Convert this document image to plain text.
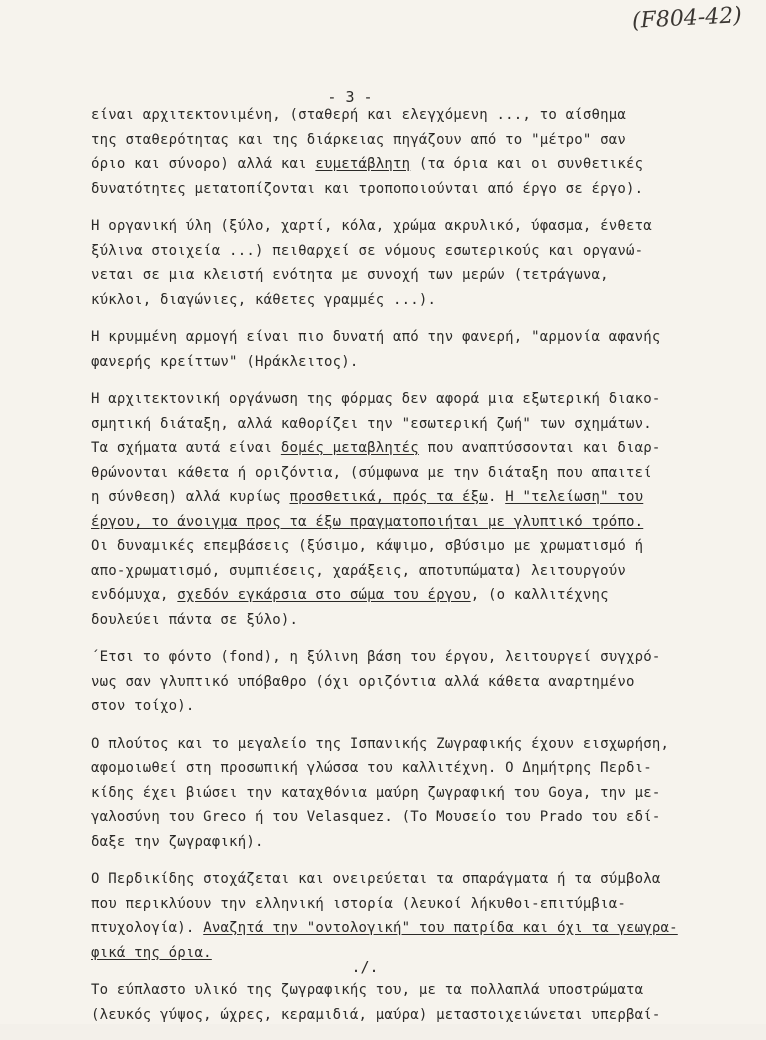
(F804-42)
- 3 -
είναι αρχιτεκτονιμένη, (σταθερή και ελεγχόμενη ..., το αίσθημα
της σταθερότητας και της διάρκειας πηγάζουν από το "μέτρο" σαν
όριο και σύνορο) αλλά και ευμετάβλητη (τα όρια και οι συνθετικές
δυνατότητες μετατοπίζονται και τροποποιούνται από έργο σε έργο).
Η οργανική ύλη (ξύλο, χαρτί, κόλα, χρώμα ακρυλικό, ύφασμα, ένθετα
ξύλινα στοιχεία ...) πειθαρχεί σε νόμους εσωτερικούς και οργανώ-
νεται σε μια κλειστή ενότητα με συνοχή των μερών (τετράγωνα,
κύκλοι, διαγώνιες, κάθετες γραμμές ...).
Η κρυμμένη αρμογή είναι πιο δυνατή από την φανερή, "αρμονία αφανής
φανερής κρείττων" (Ηράκλειτος).
Η αρχιτεκτονική οργάνωση της φόρμας δεν αφορά μια εξωτερική διακο-
σμητική διάταξη, αλλά καθορίζει την "εσωτερική ζωή" των σχημάτων.
Τα σχήματα αυτά είναι δομές μεταβλητές που αναπτύσσονται και διαρ-
θρώνονται κάθετα ή οριζόντια, (σύμφωνα με την διάταξη που απαιτεί
η σύνθεση) αλλά κυρίως προσθετικά, πρός τα έξω. Η "τελείωση" του
έργου, το άνοιγμα προς τα έξω πραγματοποιήται με γλυπτικό τρόπο.
Οι δυναμικές επεμβάσεις (ξύσιμο, κάψιμο, σβύσιμο με χρωματισμό ή
απο-χρωματισμό, συμπιέσεις, χαράξεις, αποτυπώματα) λειτουργούν
ενδόμυχα, σχεδόν εγκάρσια στο σώμα του έργου, (ο καλλιτέχνης
δουλεύει πάντα σε ξύλο).
΄Ετσι το φόντο (fond), η ξύλινη βάση του έργου, λειτουργεί συγχρό-
νως σαν γλυπτικό υπόβαθρο (όχι οριζόντια αλλά κάθετα αναρτημένο
στον τοίχο).
Ο πλούτος και το μεγαλείο της Ισπανικής Ζωγραφικής έχουν εισχωρήση,
αφομοιωθεί στη προσωπική γλώσσα του καλλιτέχνη. Ο Δημήτρης Περδι-
κίδης έχει βιώσει την καταχθόνια μαύρη ζωγραφική του Goya, την με-
γαλοσύνη του Greco ή του Velasquez. (Το Μουσείο του Prado του εδί-
δαξε την ζωγραφική).
Ο Περδικίδης στοχάζεται και ονειρεύεται τα σπαράγματα ή τα σύμβολα
που περικλύουν την ελληνική ιστορία (λευκοί λήκυθοι-επιτύμβια-
πτυχολογία). Αναζητά την "οντολογική" του πατρίδα και όχι τα γεωγρα-
φικά της όρια.
Το εύπλαστο υλικό της ζωγραφικής του, με τα πολλαπλά υποστρώματα
(λευκός γύψος, ώχρες, κεραμιδιά, μαύρα) μεταστοιχειώνεται υπερβαί-
./.
